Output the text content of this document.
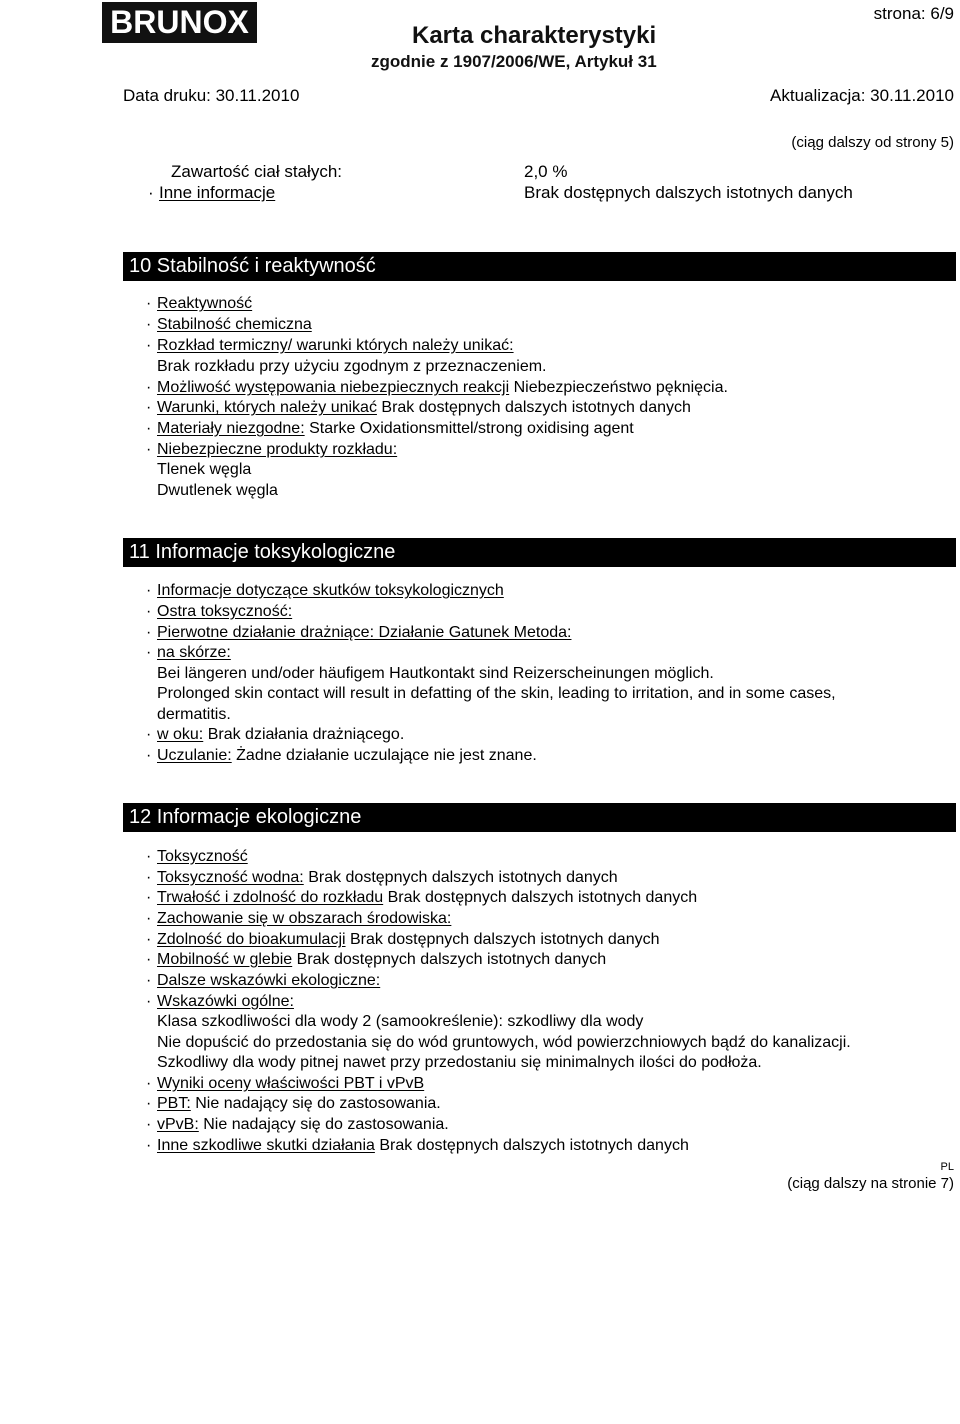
BRUNOX	Karta charakterystyki
zgodnie z 1907/2006/WE, Artykuł 31
strona: 6/9
Data druku: 30.11.2010	Aktualizacja: 30.11.2010
(ciąg dalszy od strony 5)
Zawartość ciał stałych:	2,0 %
· Inne informacje	Brak dostępnych dalszych istotnych danych
10 Stabilność i reaktywność
· Reaktywność
· Stabilność chemiczna
· Rozkład termiczny/ warunki których należy unikać:
Brak rozkładu przy użyciu zgodnym z przeznaczeniem.
· Możliwość występowania niebezpiecznych reakcji Niebezpieczeństwo pęknięcia.
· Warunki, których należy unikać Brak dostępnych dalszych istotnych danych
· Materiały niezgodne: Starke Oxidationsmittel/strong oxidising agent
· Niebezpieczne produkty rozkładu:
Tlenek węgla
Dwutlenek węgla
11 Informacje toksykologiczne
· Informacje dotyczące skutków toksykologicznych
· Ostra toksyczność:
· Pierwotne działanie drażniące: Działanie Gatunek Metoda:
· na skórze:
Bei längeren und/oder häufigem Hautkontakt sind Reizerscheinungen möglich.
Prolonged skin contact will result in defatting of the skin, leading to irritation, and in some cases,
dermatitis.
· w oku: Brak działania drażniącego.
· Uczulanie: Żadne działanie uczulające nie jest znane.
12 Informacje ekologiczne
· Toksyczność
· Toksyczność wodna: Brak dostępnych dalszych istotnych danych
· Trwałość i zdolność do rozkładu Brak dostępnych dalszych istotnych danych
· Zachowanie się w obszarach środowiska:
· Zdolność do bioakumulacji Brak dostępnych dalszych istotnych danych
· Mobilność w glebie Brak dostępnych dalszych istotnych danych
· Dalsze wskazówki ekologiczne:
· Wskazówki ogólne:
Klasa szkodliwości dla wody 2 (samookreślenie): szkodliwy dla wody
Nie dopuścić do przedostania się do wód gruntowych, wód powierzchniowych bądź do kanalizacji.
Szkodliwy dla wody pitnej nawet przy przedostaniu się minimalnych ilości do podłoża.
· Wyniki oceny właściwości PBT i vPvB
· PBT: Nie nadający się do zastosowania.
· vPvB: Nie nadający się do zastosowania.
· Inne szkodliwe skutki działania Brak dostępnych dalszych istotnych danych
PL
(ciąg dalszy na stronie 7)
